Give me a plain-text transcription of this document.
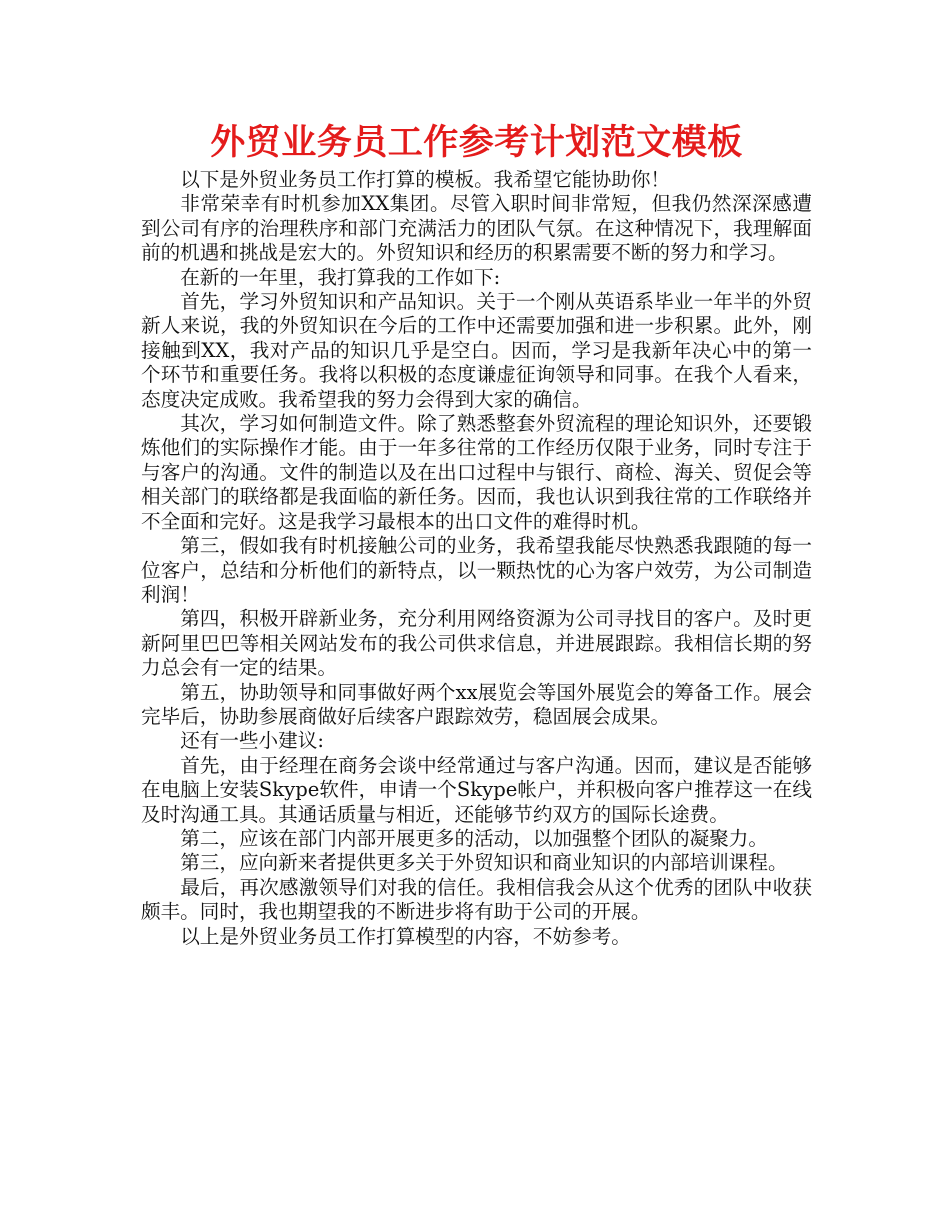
外贸业务员工作参考计划范文模板

以下是外贸业务员工作打算的模板。我希望它能协助你！

非常荣幸有时机参加XX集团。尽管入职时间非常短，但我仍然深深感遭到公司有序的治理秩序和部门充满活力的团队气氛。在这种情况下，我理解面前的机遇和挑战是宏大的。外贸知识和经历的积累需要不断的努力和学习。

在新的一年里，我打算我的工作如下:

首先，学习外贸知识和产品知识。关于一个刚从英语系毕业一年半的外贸新人来说，我的外贸知识在今后的工作中还需要加强和进一步积累。此外，刚接触到XX，我对产品的知识几乎是空白。因而，学习是我新年决心中的第一个环节和重要任务。我将以积极的态度谦虚征询领导和同事。在我个人看来，态度决定成败。我希望我的努力会得到大家的确信。

其次，学习如何制造文件。除了熟悉整套外贸流程的理论知识外，还要锻炼他们的实际操作才能。由于一年多往常的工作经历仅限于业务，同时专注于与客户的沟通。文件的制造以及在出口过程中与银行、商检、海关、贸促会等相关部门的联络都是我面临的新任务。因而，我也认识到我往常的工作联络并不全面和完好。这是我学习最根本的出口文件的难得时机。

第三，假如我有时机接触公司的业务，我希望我能尽快熟悉我跟随的每一位客户，总结和分析他们的新特点，以一颗热忱的心为客户效劳，为公司制造利润！

第四，积极开辟新业务，充分利用网络资源为公司寻找目的客户。及时更新阿里巴巴等相关网站发布的我公司供求信息，并进展跟踪。我相信长期的努力总会有一定的结果。

第五，协助领导和同事做好两个xx展览会等国外展览会的筹备工作。展会完毕后，协助参展商做好后续客户跟踪效劳，稳固展会成果。

还有一些小建议:

首先，由于经理在商务会谈中经常通过与客户沟通。因而，建议是否能够在电脑上安装Skype软件，申请一个Skype帐户，并积极向客户推荐这一在线及时沟通工具。其通话质量与相近，还能够节约双方的国际长途费。

第二，应该在部门内部开展更多的活动，以加强整个团队的凝聚力。

第三，应向新来者提供更多关于外贸知识和商业知识的内部培训课程。

最后，再次感激领导们对我的信任。我相信我会从这个优秀的团队中收获颇丰。同时，我也期望我的不断进步将有助于公司的开展。

以上是外贸业务员工作打算模型的内容，不妨参考。
